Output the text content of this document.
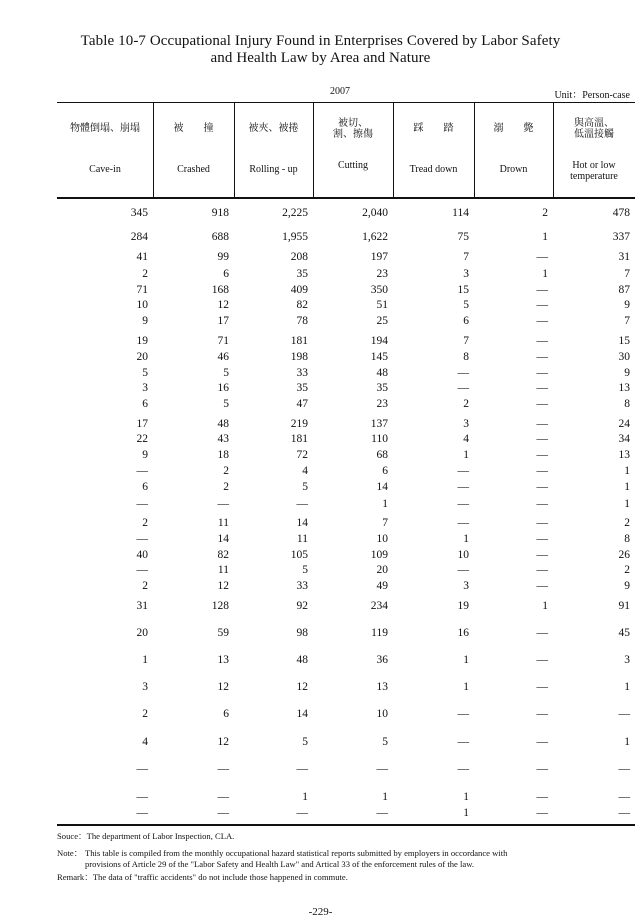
Table 10-7 Occupational Injury Found in Enterprises Covered by Labor Safety
and Health Law by Area and Nature
2007	Unit：Person-case
物體倒塌、崩塌
Cave-in
被　　撞
Crashed
被夾、被捲
Rolling - up
被切、割、擦傷
Cutting
踩　　踏
Tread down
溺　　斃
Drown
與高溫、低溫接觸
Hot or low temperature
345	918	2,225	2,040	114	2	478
284	688	1,955	1,622	75	1	337
41	99	208	197	7	—	31
2	6	35	23	3	1	7
71	168	409	350	15	—	87
10	12	82	51	5	—	9
9	17	78	25	6	—	7
19	71	181	194	7	—	15
20	46	198	145	8	—	30
5	5	33	48	—	—	9
3	16	35	35	—	—	13
6	5	47	23	2	—	8
17	48	219	137	3	—	24
22	43	181	110	4	—	34
9	18	72	68	1	—	13
—	2	4	6	—	—	1
6	2	5	14	—	—	1
—	—	—	1	—	—	1
2	11	14	7	—	—	2
—	14	11	10	1	—	8
40	82	105	109	10	—	26
—	11	5	20	—	—	2
2	12	33	49	3	—	9
31	128	92	234	19	1	91
20	59	98	119	16	—	45
1	13	48	36	1	—	3
3	12	12	13	1	—	1
2	6	14	10	—	—	—
4	12	5	5	—	—	1
—	—	—	—	—	—	—
—	—	1	1	1	—	—
—	—	—	—	1	—	—
Souce：The department of Labor Inspection, CLA.
Note： This table is compiled from the monthly occupational hazard statistical reports submitted by employers in occordance with
provisions of Article 29 of the "Labor Safety and Health Law" and Artical 33 of the enforcement rules of the law.
Remark：The data of "traffic accidents" do not include those happened in commute.
-229-
